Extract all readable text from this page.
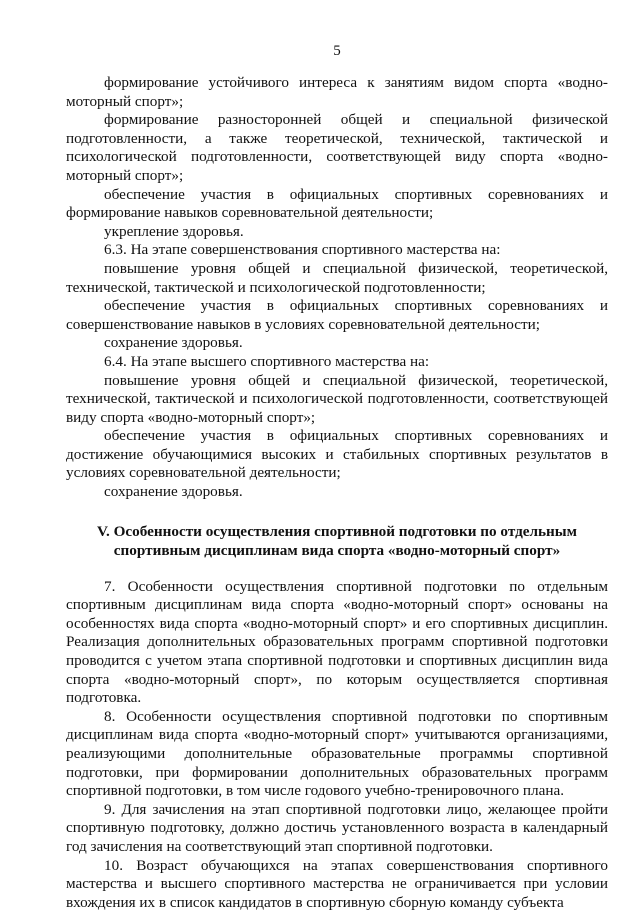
5

формирование устойчивого интереса к занятиям видом спорта «водно-моторный спорт»;

формирование разносторонней общей и специальной физической подготовленности, а также теоретической, технической, тактической и психологической подготовленности, соответствующей виду спорта «водно-моторный спорт»;

обеспечение участия в официальных спортивных соревнованиях и формирование навыков соревновательной деятельности;

укрепление здоровья.

6.3. На этапе совершенствования спортивного мастерства на:

повышение уровня общей и специальной физической, теоретической, технической, тактической и психологической подготовленности;

обеспечение участия в официальных спортивных соревнованиях и совершенствование навыков в условиях соревновательной деятельности;

сохранение здоровья.

6.4. На этапе высшего спортивного мастерства на:

повышение уровня общей и специальной физической, теоретической, технической, тактической и психологической подготовленности, соответствующей виду спорта «водно-моторный спорт»;

обеспечение участия в официальных спортивных соревнованиях и достижение обучающимися высоких и стабильных спортивных результатов в условиях соревновательной деятельности;

сохранение здоровья.

V. Особенности осуществления спортивной подготовки по отдельным спортивным дисциплинам вида спорта «водно-моторный спорт»

7. Особенности осуществления спортивной подготовки по отдельным спортивным дисциплинам вида спорта «водно-моторный спорт» основаны на особенностях вида спорта «водно-моторный спорт» и его спортивных дисциплин. Реализация дополнительных образовательных программ спортивной подготовки проводится с учетом этапа спортивной подготовки и спортивных дисциплин вида спорта «водно-моторный спорт», по которым осуществляется спортивная подготовка.

8. Особенности осуществления спортивной подготовки по спортивным дисциплинам вида спорта «водно-моторный спорт» учитываются организациями, реализующими дополнительные образовательные программы спортивной подготовки, при формировании дополнительных образовательных программ спортивной подготовки, в том числе годового учебно-тренировочного плана.

9. Для зачисления на этап спортивной подготовки лицо, желающее пройти спортивную подготовку, должно достичь установленного возраста в календарный год зачисления на соответствующий этап спортивной подготовки.

10. Возраст обучающихся на этапах совершенствования спортивного мастерства и высшего спортивного мастерства не ограничивается при условии вхождения их в список кандидатов в спортивную сборную команду субъекта
